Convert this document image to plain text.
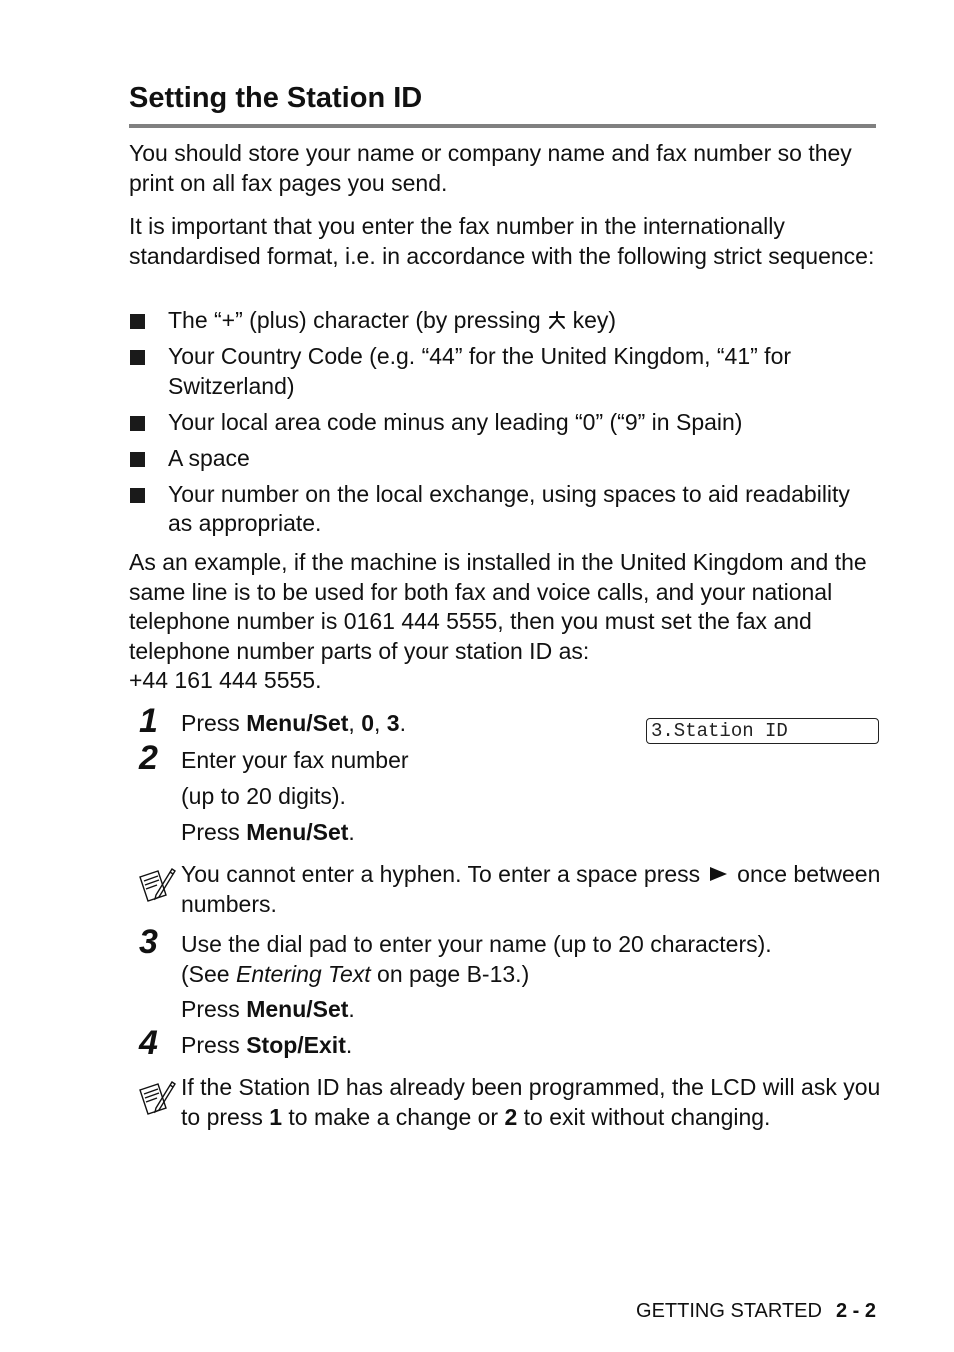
Setting the Station ID

You should store your name or company name and fax number so they print on all fax pages you send.

It is important that you enter the fax number in the internationally standardised format, i.e. in accordance with the following strict sequence:

The “+” (plus) character (by pressing key)
Your Country Code (e.g. “44” for the United Kingdom, “41” for Switzerland)
Your local area code minus any leading “0” (“9” in Spain)
A space
Your number on the local exchange, using spaces to aid readability as appropriate.

As an example, if the machine is installed in the United Kingdom and the same line is to be used for both fax and voice calls, and your national telephone number is 0161 444 5555, then you must set the fax and telephone number parts of your station ID as:
+44 161 444 5555.

1 Press Menu/Set, 0, 3.	3.Station ID
2 Enter your fax number
(up to 20 digits).
Press Menu/Set.
You cannot enter a hyphen. To enter a space press once between numbers.
3 Use the dial pad to enter your name (up to 20 characters).
(See Entering Text on page B-13.)
Press Menu/Set.
4 Press Stop/Exit.
If the Station ID has already been programmed, the LCD will ask you to press 1 to make a change or 2 to exit without changing.
GETTING STARTED 2 - 2
